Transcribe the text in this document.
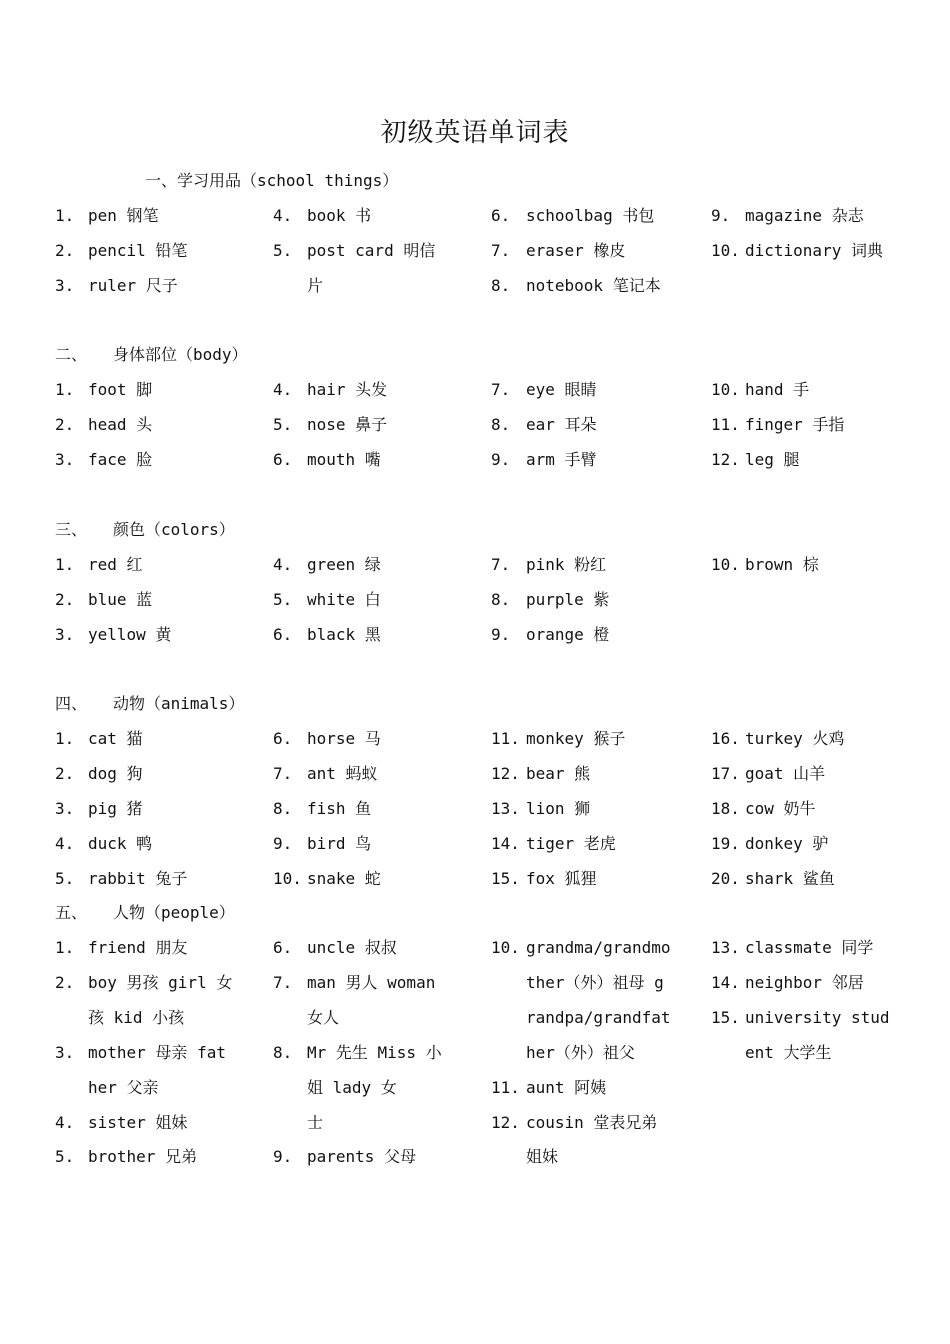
初级英语单词表
一、学习用品（school things）
1. pen 钢笔	4. book 书	6. schoolbag 书包	9. magazine 杂志
2. pencil 铅笔	5. post card 明信	7. eraser 橡皮	10. dictionary 词典
3. ruler 尺子	片	8. notebook 笔记本
二、 身体部位（body）
1. foot 脚	4. hair 头发	7. eye 眼睛	10. hand 手
2. head 头	5. nose 鼻子	8. ear 耳朵	11. finger 手指
3. face 脸	6. mouth 嘴	9. arm 手臂	12. leg 腿
三、 颜色（colors）
1. red 红	4. green 绿	7. pink 粉红	10. brown 棕
2. blue 蓝	5. white 白	8. purple 紫
3. yellow 黄	6. black 黑	9. orange 橙
四、 动物（animals）
1. cat 猫	6. horse 马	11. monkey 猴子	16. turkey 火鸡
2. dog 狗	7. ant 蚂蚁	12. bear 熊	17. goat 山羊
3. pig 猪	8. fish 鱼	13. lion 狮	18. cow 奶牛
4. duck 鸭	9. bird 鸟	14. tiger 老虎	19. donkey 驴
5. rabbit 兔子	10. snake 蛇	15. fox 狐狸	20. shark 鲨鱼
五、 人物（people）
1. friend 朋友	6. uncle 叔叔	10. grandma/grandmo	13. classmate 同学
2. boy 男孩 girl 女	7. man 男人 woman	ther（外）祖母 g	14. neighbor 邻居
孩 kid 小孩	女人	randpa/grandfat	15. university stud
3. mother 母亲 fat	8. Mr 先生 Miss 小	her（外）祖父	ent 大学生
her 父亲	姐 lady 女	11. aunt 阿姨
4. sister 姐妹	士	12. cousin 堂表兄弟
5. brother 兄弟	9. parents 父母	姐妹
